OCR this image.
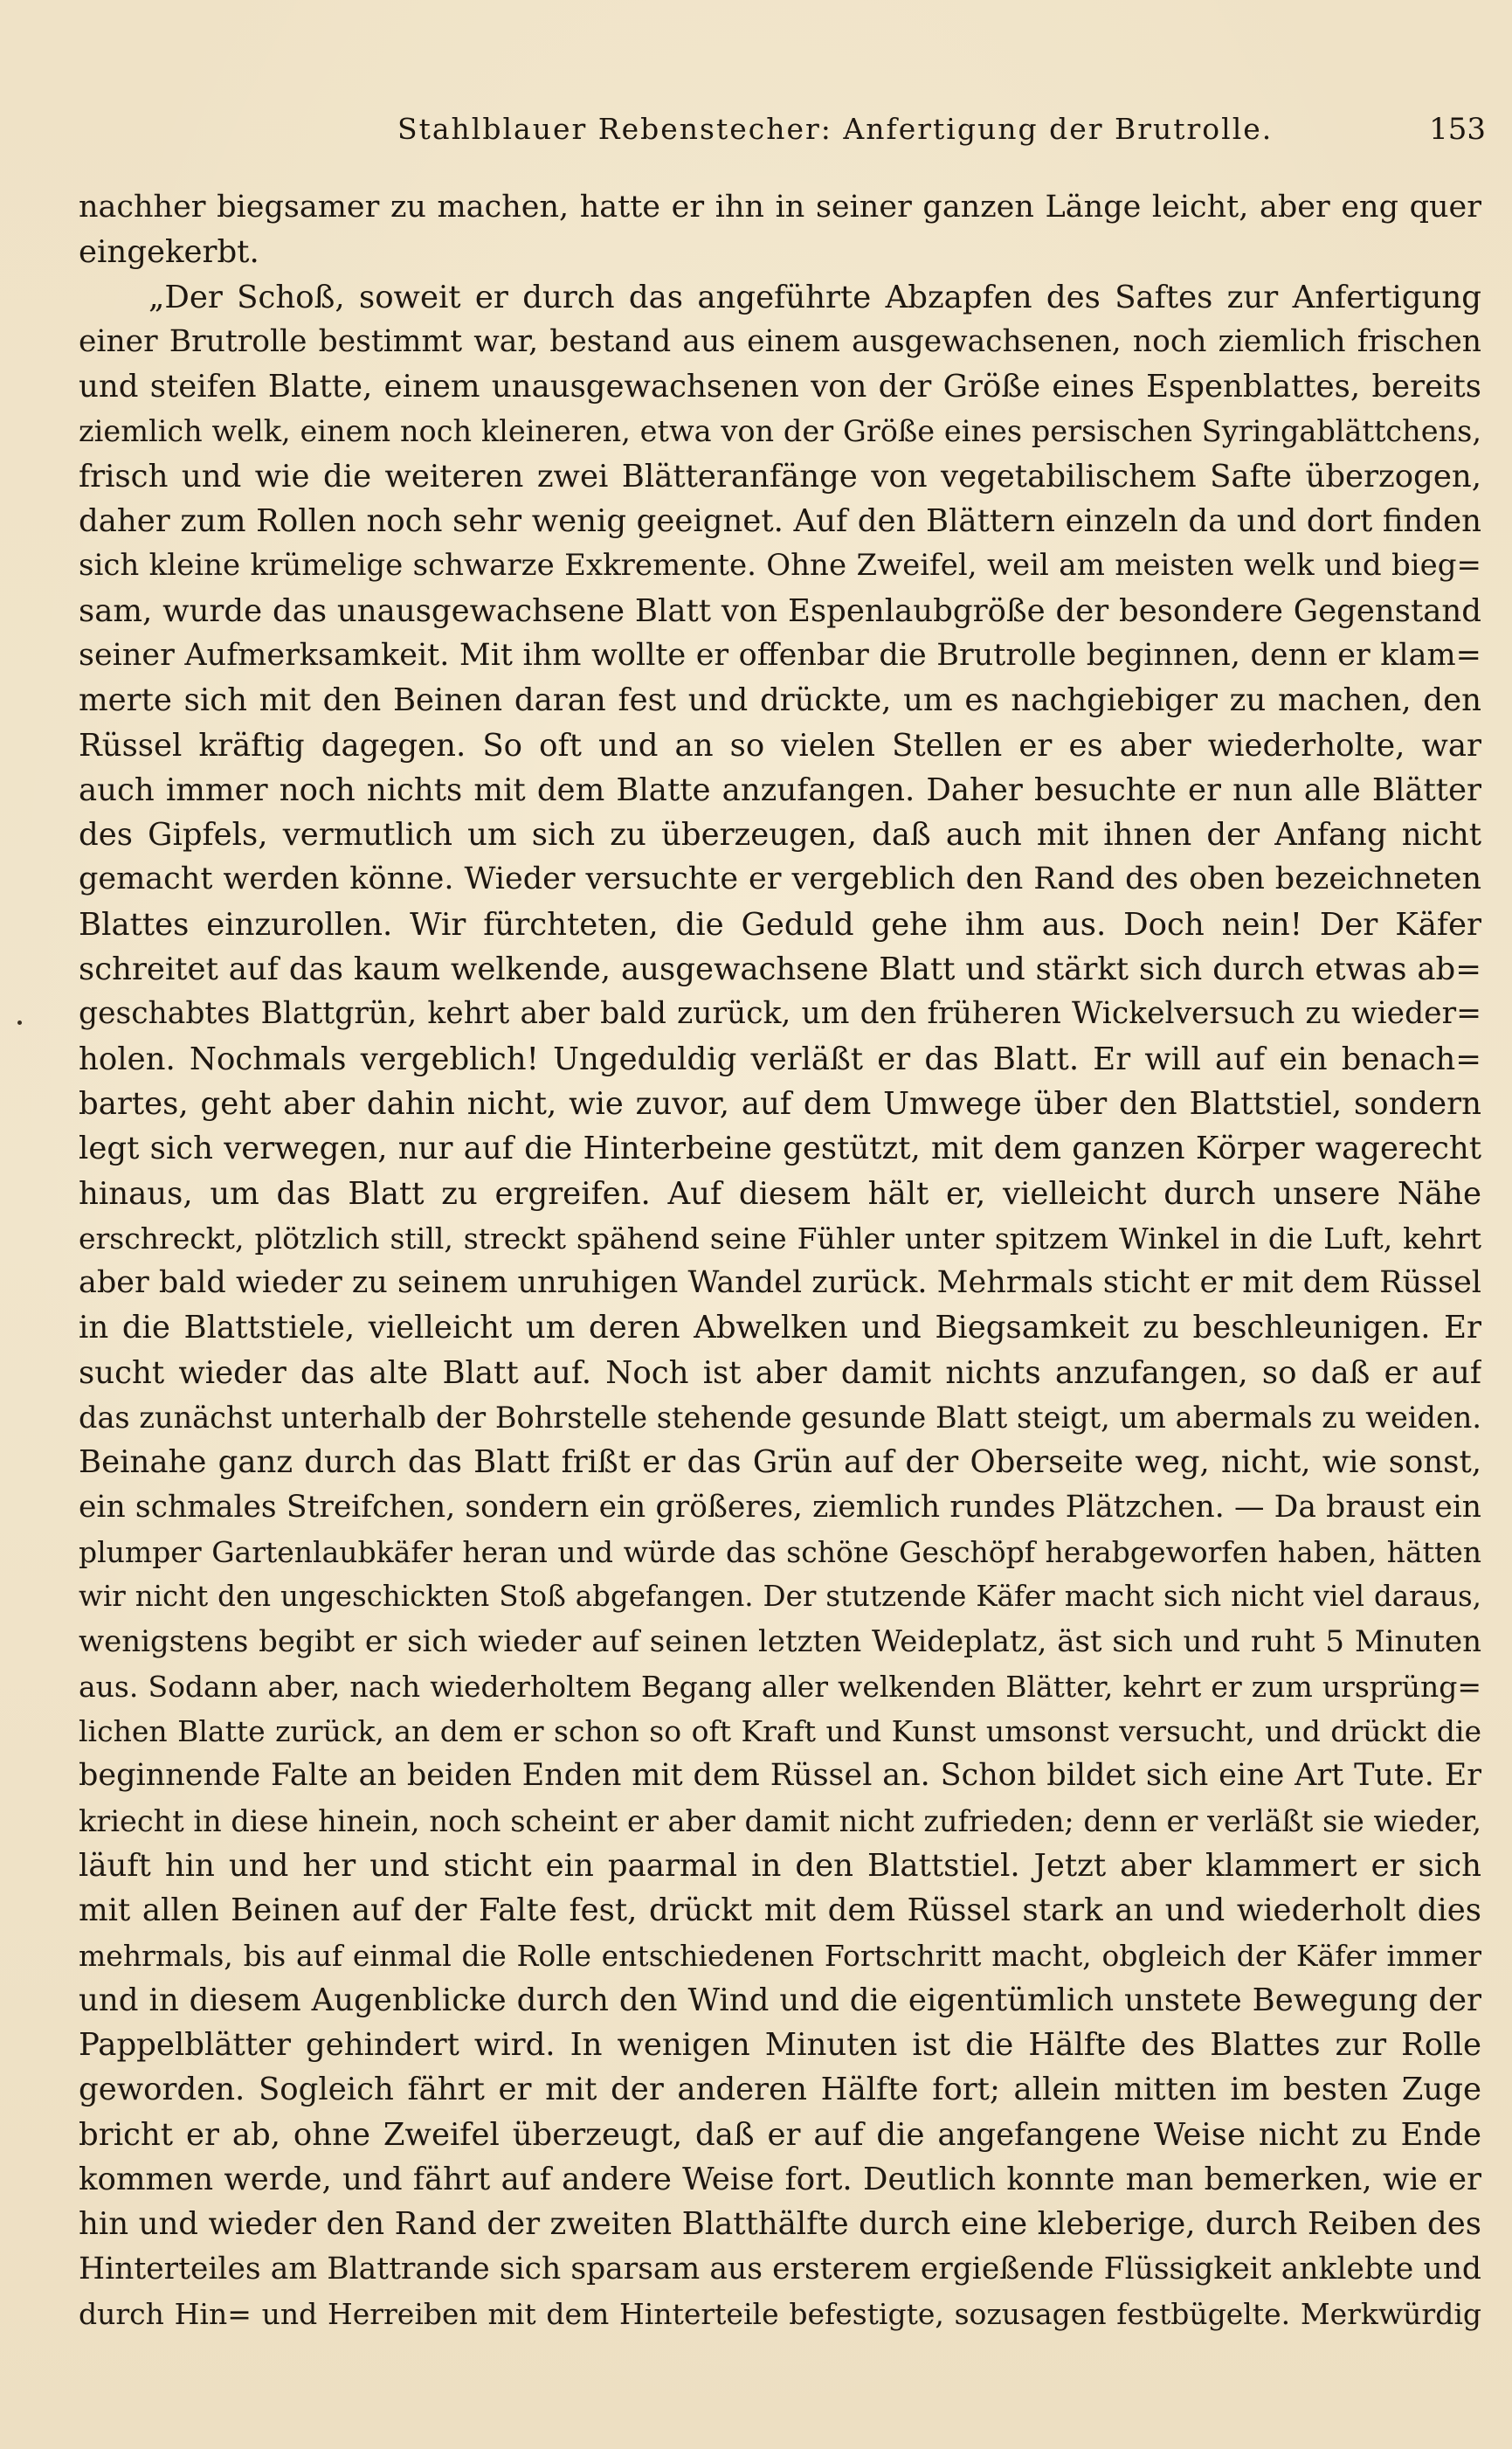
Stahlblauer Rebenstecher: Anfertigung der Brutrolle.	153
nachher biegsamer zu machen, hatte er ihn in seiner ganzen Länge leicht, aber eng quer
eingekerbt.
„Der Schoß, soweit er durch das angeführte Abzapfen des Saftes zur Anfertigung
einer Brutrolle bestimmt war, bestand aus einem ausgewachsenen, noch ziemlich frischen
und steifen Blatte, einem unausgewachsenen von der Größe eines Espenblattes, bereits
ziemlich welk, einem noch kleineren, etwa von der Größe eines persischen Syringablättchens,
frisch und wie die weiteren zwei Blätteranfänge von vegetabilischem Safte überzogen,
daher zum Rollen noch sehr wenig geeignet. Auf den Blättern einzeln da und dort finden
sich kleine krümelige schwarze Exkremente. Ohne Zweifel, weil am meisten welk und bieg=
sam, wurde das unausgewachsene Blatt von Espenlaubgröße der besondere Gegenstand
seiner Aufmerksamkeit. Mit ihm wollte er offenbar die Brutrolle beginnen, denn er klam=
merte sich mit den Beinen daran fest und drückte, um es nachgiebiger zu machen, den
Rüssel kräftig dagegen. So oft und an so vielen Stellen er es aber wiederholte, war
auch immer noch nichts mit dem Blatte anzufangen. Daher besuchte er nun alle Blätter
des Gipfels, vermutlich um sich zu überzeugen, daß auch mit ihnen der Anfang nicht
gemacht werden könne. Wieder versuchte er vergeblich den Rand des oben bezeichneten
Blattes einzurollen. Wir fürchteten, die Geduld gehe ihm aus. Doch nein! Der Käfer
schreitet auf das kaum welkende, ausgewachsene Blatt und stärkt sich durch etwas ab=
geschabtes Blattgrün, kehrt aber bald zurück, um den früheren Wickelversuch zu wieder=
holen. Nochmals vergeblich! Ungeduldig verläßt er das Blatt. Er will auf ein benach=
bartes, geht aber dahin nicht, wie zuvor, auf dem Umwege über den Blattstiel, sondern
legt sich verwegen, nur auf die Hinterbeine gestützt, mit dem ganzen Körper wagerecht
hinaus, um das Blatt zu ergreifen. Auf diesem hält er, vielleicht durch unsere Nähe
erschreckt, plötzlich still, streckt spähend seine Fühler unter spitzem Winkel in die Luft, kehrt
aber bald wieder zu seinem unruhigen Wandel zurück. Mehrmals sticht er mit dem Rüssel
in die Blattstiele, vielleicht um deren Abwelken und Biegsamkeit zu beschleunigen. Er
sucht wieder das alte Blatt auf. Noch ist aber damit nichts anzufangen, so daß er auf
das zunächst unterhalb der Bohrstelle stehende gesunde Blatt steigt, um abermals zu weiden.
Beinahe ganz durch das Blatt frißt er das Grün auf der Oberseite weg, nicht, wie sonst,
ein schmales Streifchen, sondern ein größeres, ziemlich rundes Plätzchen. — Da braust ein
plumper Gartenlaubkäfer heran und würde das schöne Geschöpf herabgeworfen haben, hätten
wir nicht den ungeschickten Stoß abgefangen. Der stutzende Käfer macht sich nicht viel daraus,
wenigstens begibt er sich wieder auf seinen letzten Weideplatz, äst sich und ruht 5 Minuten
aus. Sodann aber, nach wiederholtem Begang aller welkenden Blätter, kehrt er zum ursprüng=
lichen Blatte zurück, an dem er schon so oft Kraft und Kunst umsonst versucht, und drückt die
beginnende Falte an beiden Enden mit dem Rüssel an. Schon bildet sich eine Art Tute. Er
kriecht in diese hinein, noch scheint er aber damit nicht zufrieden; denn er verläßt sie wieder,
läuft hin und her und sticht ein paarmal in den Blattstiel. Jetzt aber klammert er sich
mit allen Beinen auf der Falte fest, drückt mit dem Rüssel stark an und wiederholt dies
mehrmals, bis auf einmal die Rolle entschiedenen Fortschritt macht, obgleich der Käfer immer
und in diesem Augenblicke durch den Wind und die eigentümlich unstete Bewegung der
Pappelblätter gehindert wird. In wenigen Minuten ist die Hälfte des Blattes zur Rolle
geworden. Sogleich fährt er mit der anderen Hälfte fort; allein mitten im besten Zuge
bricht er ab, ohne Zweifel überzeugt, daß er auf die angefangene Weise nicht zu Ende
kommen werde, und fährt auf andere Weise fort. Deutlich konnte man bemerken, wie er
hin und wieder den Rand der zweiten Blatthälfte durch eine kleberige, durch Reiben des
Hinterteiles am Blattrande sich sparsam aus ersterem ergießende Flüssigkeit anklebte und
durch Hin= und Herreiben mit dem Hinterteile befestigte, sozusagen festbügelte. Merkwürdig
